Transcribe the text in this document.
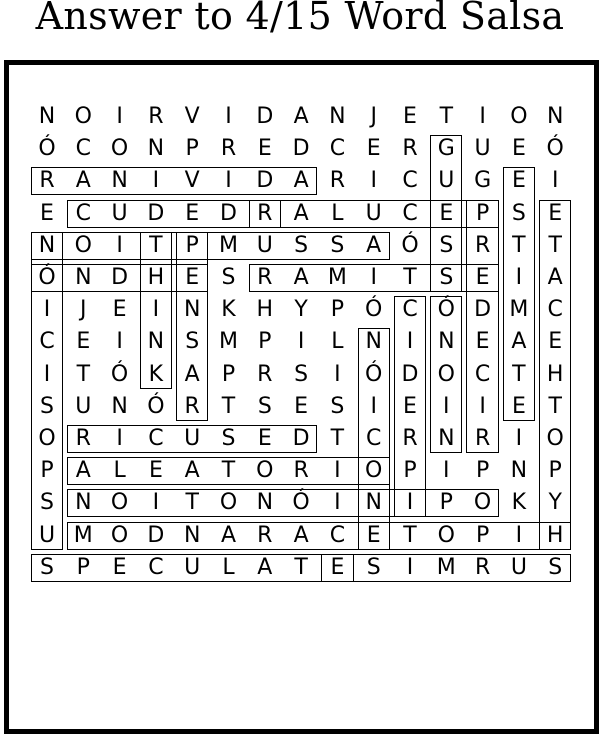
Answer to 4/15 Word Salsa
N O	I	R V	I	D A N	J	E	T	I	O N
Ó C O N P	R E D C E R G U E Ó
R A N	I	V	I	D A R	I	C U G E	I
E C U D E D R A	L	U C E	P	S	E
N O	I	T	P M U S	S A Ó S R T	T
Ó N D H E	S R A M	I	T	S	E	I	A
I	J	E	I	N K H Y	P Ó C Ó D M C
C E	I	N S M P	I	L N	I	N E A E
I	T Ó K A	P	R S	I	Ó D O C T H
S U N Ó R T	S	E	S	I	E	I	I	E	T
O R	I	C U S	E D T C R N R	I	O
P	A	L	E A	T O R	I	O P	I	P N P
S N O	I	T O N Ó	I	N	I	P O K	Y
U M O D N A R A C E	T O P	I	H
S	P	E C U	L	A	T	E	S	I	M R U S
